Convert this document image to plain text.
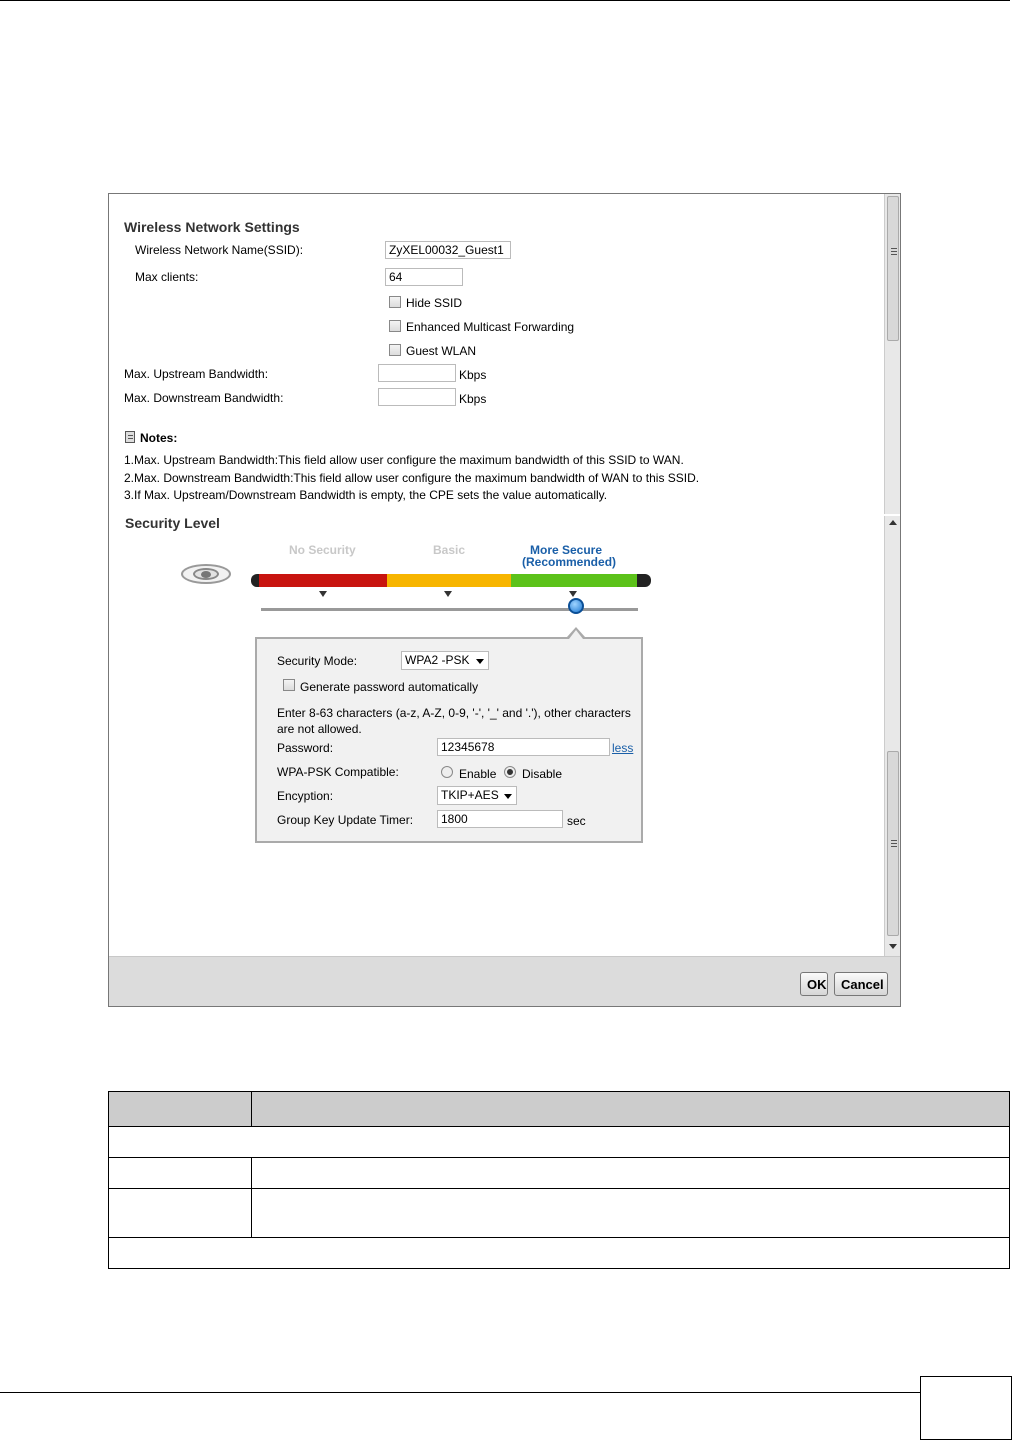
Wireless Network Settings
Wireless Network Name(SSID):
ZyXEL00032_Guest1
Max clients:
64
Hide SSID
Enhanced Multicast Forwarding
Guest WLAN
Max. Upstream Bandwidth:	Kbps
Max. Downstream Bandwidth:	Kbps
Notes:
1.Max. Upstream Bandwidth:This field allow user configure the maximum bandwidth of this SSID to WAN.
2.Max. Downstream Bandwidth:This field allow user configure the maximum bandwidth of WAN to this SSID.
3.If Max. Upstream/Downstream Bandwidth is empty, the CPE sets the value automatically.
Security Level
No Security	Basic	More Secure
(Recommended)
Security Mode:	WPA2 -PSK
Generate password automatically
Enter 8-63 characters (a-z, A-Z, 0-9, '-', '_' and '.'), other characters
are not allowed.
Password:
12345678	less
WPA-PSK Compatible:	Enable Disable
Encyption:	TKIP+AES
Group Key Update Timer:
1800	sec
OK	Cancel
